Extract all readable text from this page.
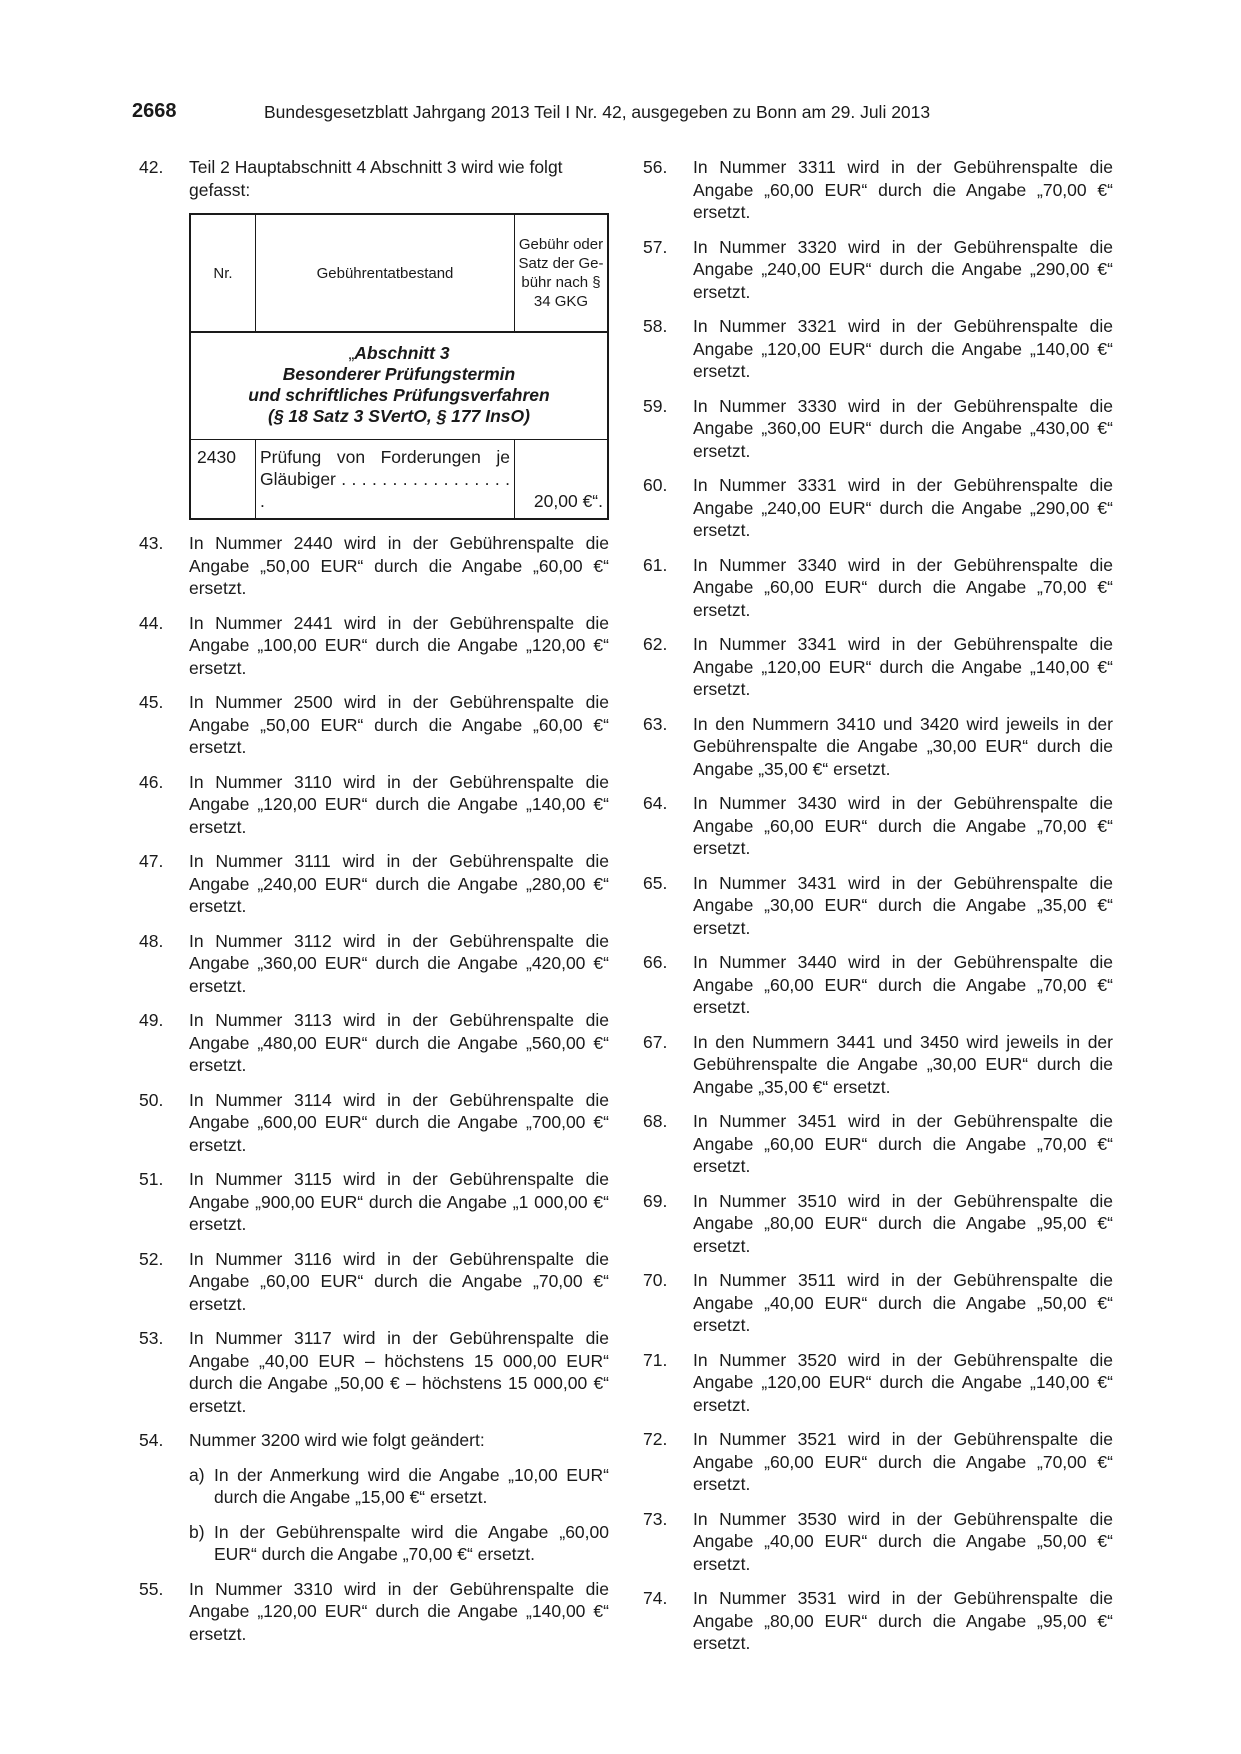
2668	Bundesgesetzblatt Jahrgang 2013 Teil I Nr. 42, ausgegeben zu Bonn am 29. Juli 2013
42. Teil 2 Hauptabschnitt 4 Abschnitt 3 wird wie folgt gefasst:
Nr.	Gebührentatbestand	Gebühr oder Satz der Ge- bühr nach § 34 GKG

„Abschnitt 3
Besonderer Prüfungstermin
und schriftliches Prüfungsverfahren
(§ 18 Satz 3 SVertO, § 177 InsO)		

2430	Prüfung von Forderungen je Gläubiger . . . . . . . . . . . . . . . . . .	20,00 €“.
43. In Nummer 2440 wird in der Gebührenspalte die Angabe „50,00 EUR“ durch die Angabe „60,00 €“ ersetzt.
44. In Nummer 2441 wird in der Gebührenspalte die Angabe „100,00 EUR“ durch die Angabe „120,00 €“ ersetzt.
45. In Nummer 2500 wird in der Gebührenspalte die Angabe „50,00 EUR“ durch die Angabe „60,00 €“ ersetzt.
46. In Nummer 3110 wird in der Gebührenspalte die Angabe „120,00 EUR“ durch die Angabe „140,00 €“ ersetzt.
47. In Nummer 3111 wird in der Gebührenspalte die Angabe „240,00 EUR“ durch die Angabe „280,00 €“ ersetzt.
48. In Nummer 3112 wird in der Gebührenspalte die Angabe „360,00 EUR“ durch die Angabe „420,00 €“ ersetzt.
49. In Nummer 3113 wird in der Gebührenspalte die Angabe „480,00 EUR“ durch die Angabe „560,00 €“ ersetzt.
50. In Nummer 3114 wird in der Gebührenspalte die Angabe „600,00 EUR“ durch die Angabe „700,00 €“ ersetzt.
51. In Nummer 3115 wird in der Gebührenspalte die Angabe „900,00 EUR“ durch die Angabe „1 000,00 €“ ersetzt.
52. In Nummer 3116 wird in der Gebührenspalte die Angabe „60,00 EUR“ durch die Angabe „70,00 €“ ersetzt.
53. In Nummer 3117 wird in der Gebührenspalte die Angabe „40,00 EUR – höchstens 15 000,00 EUR“ durch die Angabe „50,00 € – höchstens 15 000,00 €“ ersetzt.
54. Nummer 3200 wird wie folgt geändert:
a) In der Anmerkung wird die Angabe „10,00 EUR“ durch die Angabe „15,00 €“ ersetzt.
b) In der Gebührenspalte wird die Angabe „60,00 EUR“ durch die Angabe „70,00 €“ ersetzt.
55. In Nummer 3310 wird in der Gebührenspalte die Angabe „120,00 EUR“ durch die Angabe „140,00 €“ ersetzt.
56. In Nummer 3311 wird in der Gebührenspalte die Angabe „60,00 EUR“ durch die Angabe „70,00 €“ ersetzt.
57. In Nummer 3320 wird in der Gebührenspalte die Angabe „240,00 EUR“ durch die Angabe „290,00 €“ ersetzt.
58. In Nummer 3321 wird in der Gebührenspalte die Angabe „120,00 EUR“ durch die Angabe „140,00 €“ ersetzt.
59. In Nummer 3330 wird in der Gebührenspalte die Angabe „360,00 EUR“ durch die Angabe „430,00 €“ ersetzt.
60. In Nummer 3331 wird in der Gebührenspalte die Angabe „240,00 EUR“ durch die Angabe „290,00 €“ ersetzt.
61. In Nummer 3340 wird in der Gebührenspalte die Angabe „60,00 EUR“ durch die Angabe „70,00 €“ ersetzt.
62. In Nummer 3341 wird in der Gebührenspalte die Angabe „120,00 EUR“ durch die Angabe „140,00 €“ ersetzt.
63. In den Nummern 3410 und 3420 wird jeweils in der Gebührenspalte die Angabe „30,00 EUR“ durch die Angabe „35,00 €“ ersetzt.
64. In Nummer 3430 wird in der Gebührenspalte die Angabe „60,00 EUR“ durch die Angabe „70,00 €“ ersetzt.
65. In Nummer 3431 wird in der Gebührenspalte die Angabe „30,00 EUR“ durch die Angabe „35,00 €“ ersetzt.
66. In Nummer 3440 wird in der Gebührenspalte die Angabe „60,00 EUR“ durch die Angabe „70,00 €“ ersetzt.
67. In den Nummern 3441 und 3450 wird jeweils in der Gebührenspalte die Angabe „30,00 EUR“ durch die Angabe „35,00 €“ ersetzt.
68. In Nummer 3451 wird in der Gebührenspalte die Angabe „60,00 EUR“ durch die Angabe „70,00 €“ ersetzt.
69. In Nummer 3510 wird in der Gebührenspalte die Angabe „80,00 EUR“ durch die Angabe „95,00 €“ ersetzt.
70. In Nummer 3511 wird in der Gebührenspalte die Angabe „40,00 EUR“ durch die Angabe „50,00 €“ ersetzt.
71. In Nummer 3520 wird in der Gebührenspalte die Angabe „120,00 EUR“ durch die Angabe „140,00 €“ ersetzt.
72. In Nummer 3521 wird in der Gebührenspalte die Angabe „60,00 EUR“ durch die Angabe „70,00 €“ ersetzt.
73. In Nummer 3530 wird in der Gebührenspalte die Angabe „40,00 EUR“ durch die Angabe „50,00 €“ ersetzt.
74. In Nummer 3531 wird in der Gebührenspalte die Angabe „80,00 EUR“ durch die Angabe „95,00 €“ ersetzt.
